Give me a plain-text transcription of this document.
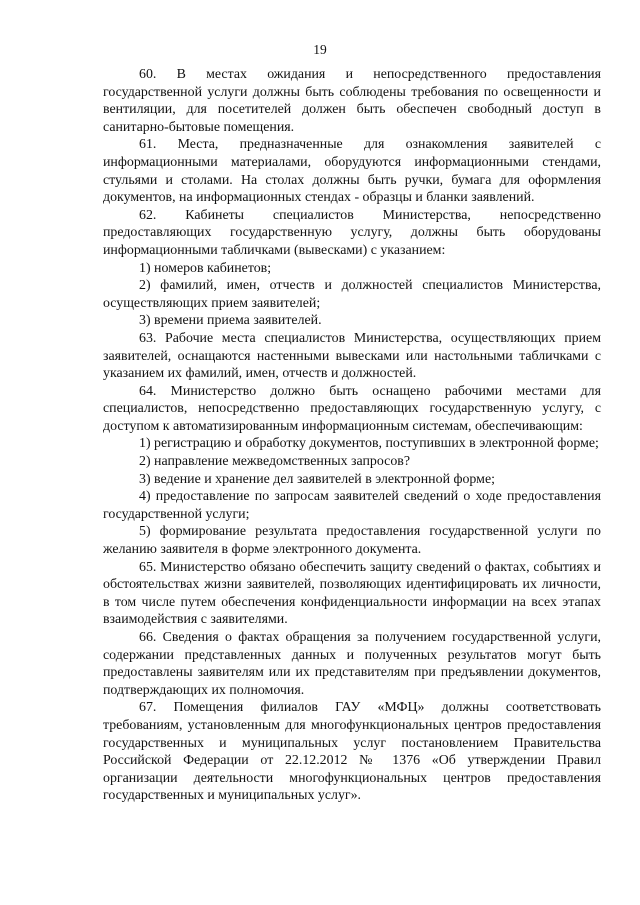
19

60. В местах ожидания и непосредственного предоставления государственной услуги должны быть соблюдены требования по освещенности и вентиляции, для посетителей должен быть обеспечен свободный доступ в санитарно-бытовые помещения.

61. Места, предназначенные для ознакомления заявителей с информационными материалами, оборудуются информационными стендами, стульями и столами. На столах должны быть ручки, бумага для оформления документов, на информационных стендах - образцы и бланки заявлений.

62. Кабинеты специалистов Министерства, непосредственно предоставляющих государственную услугу, должны быть оборудованы информационными табличками (вывесками) с указанием:

1) номеров кабинетов;

2) фамилий, имен, отчеств и должностей специалистов Министерства, осуществляющих прием заявителей;

3) времени приема заявителей.

63. Рабочие места специалистов Министерства, осуществляющих прием заявителей, оснащаются настенными вывесками или настольными табличками с указанием их фамилий, имен, отчеств и должностей.

64. Министерство должно быть оснащено рабочими местами для специалистов, непосредственно предоставляющих государственную услугу, с доступом к автоматизированным информационным системам, обеспечивающим:

1) регистрацию и обработку документов, поступивших в электронной форме;

2) направление межведомственных запросов?

3) ведение и хранение дел заявителей в электронной форме;

4) предоставление по запросам заявителей сведений о ходе предоставления государственной услуги;

5) формирование результата предоставления государственной услуги по желанию заявителя в форме электронного документа.

65. Министерство обязано обеспечить защиту сведений о фактах, событиях и обстоятельствах жизни заявителей, позволяющих идентифицировать их личности, в том числе путем обеспечения конфиденциальности информации на всех этапах взаимодействия с заявителями.

66. Сведения о фактах обращения за получением государственной услуги, содержании представленных данных и полученных результатов могут быть предоставлены заявителям или их представителям при предъявлении документов, подтверждающих их полномочия.

67. Помещения филиалов ГАУ «МФЦ» должны соответствовать требованиям, установленным для многофункциональных центров предоставления государственных и муниципальных услуг постановлением Правительства Российской Федерации от 22.12.2012 № 1376 «Об утверждении Правил организации деятельности многофункциональных центров предоставления государственных и муниципальных услуг».
